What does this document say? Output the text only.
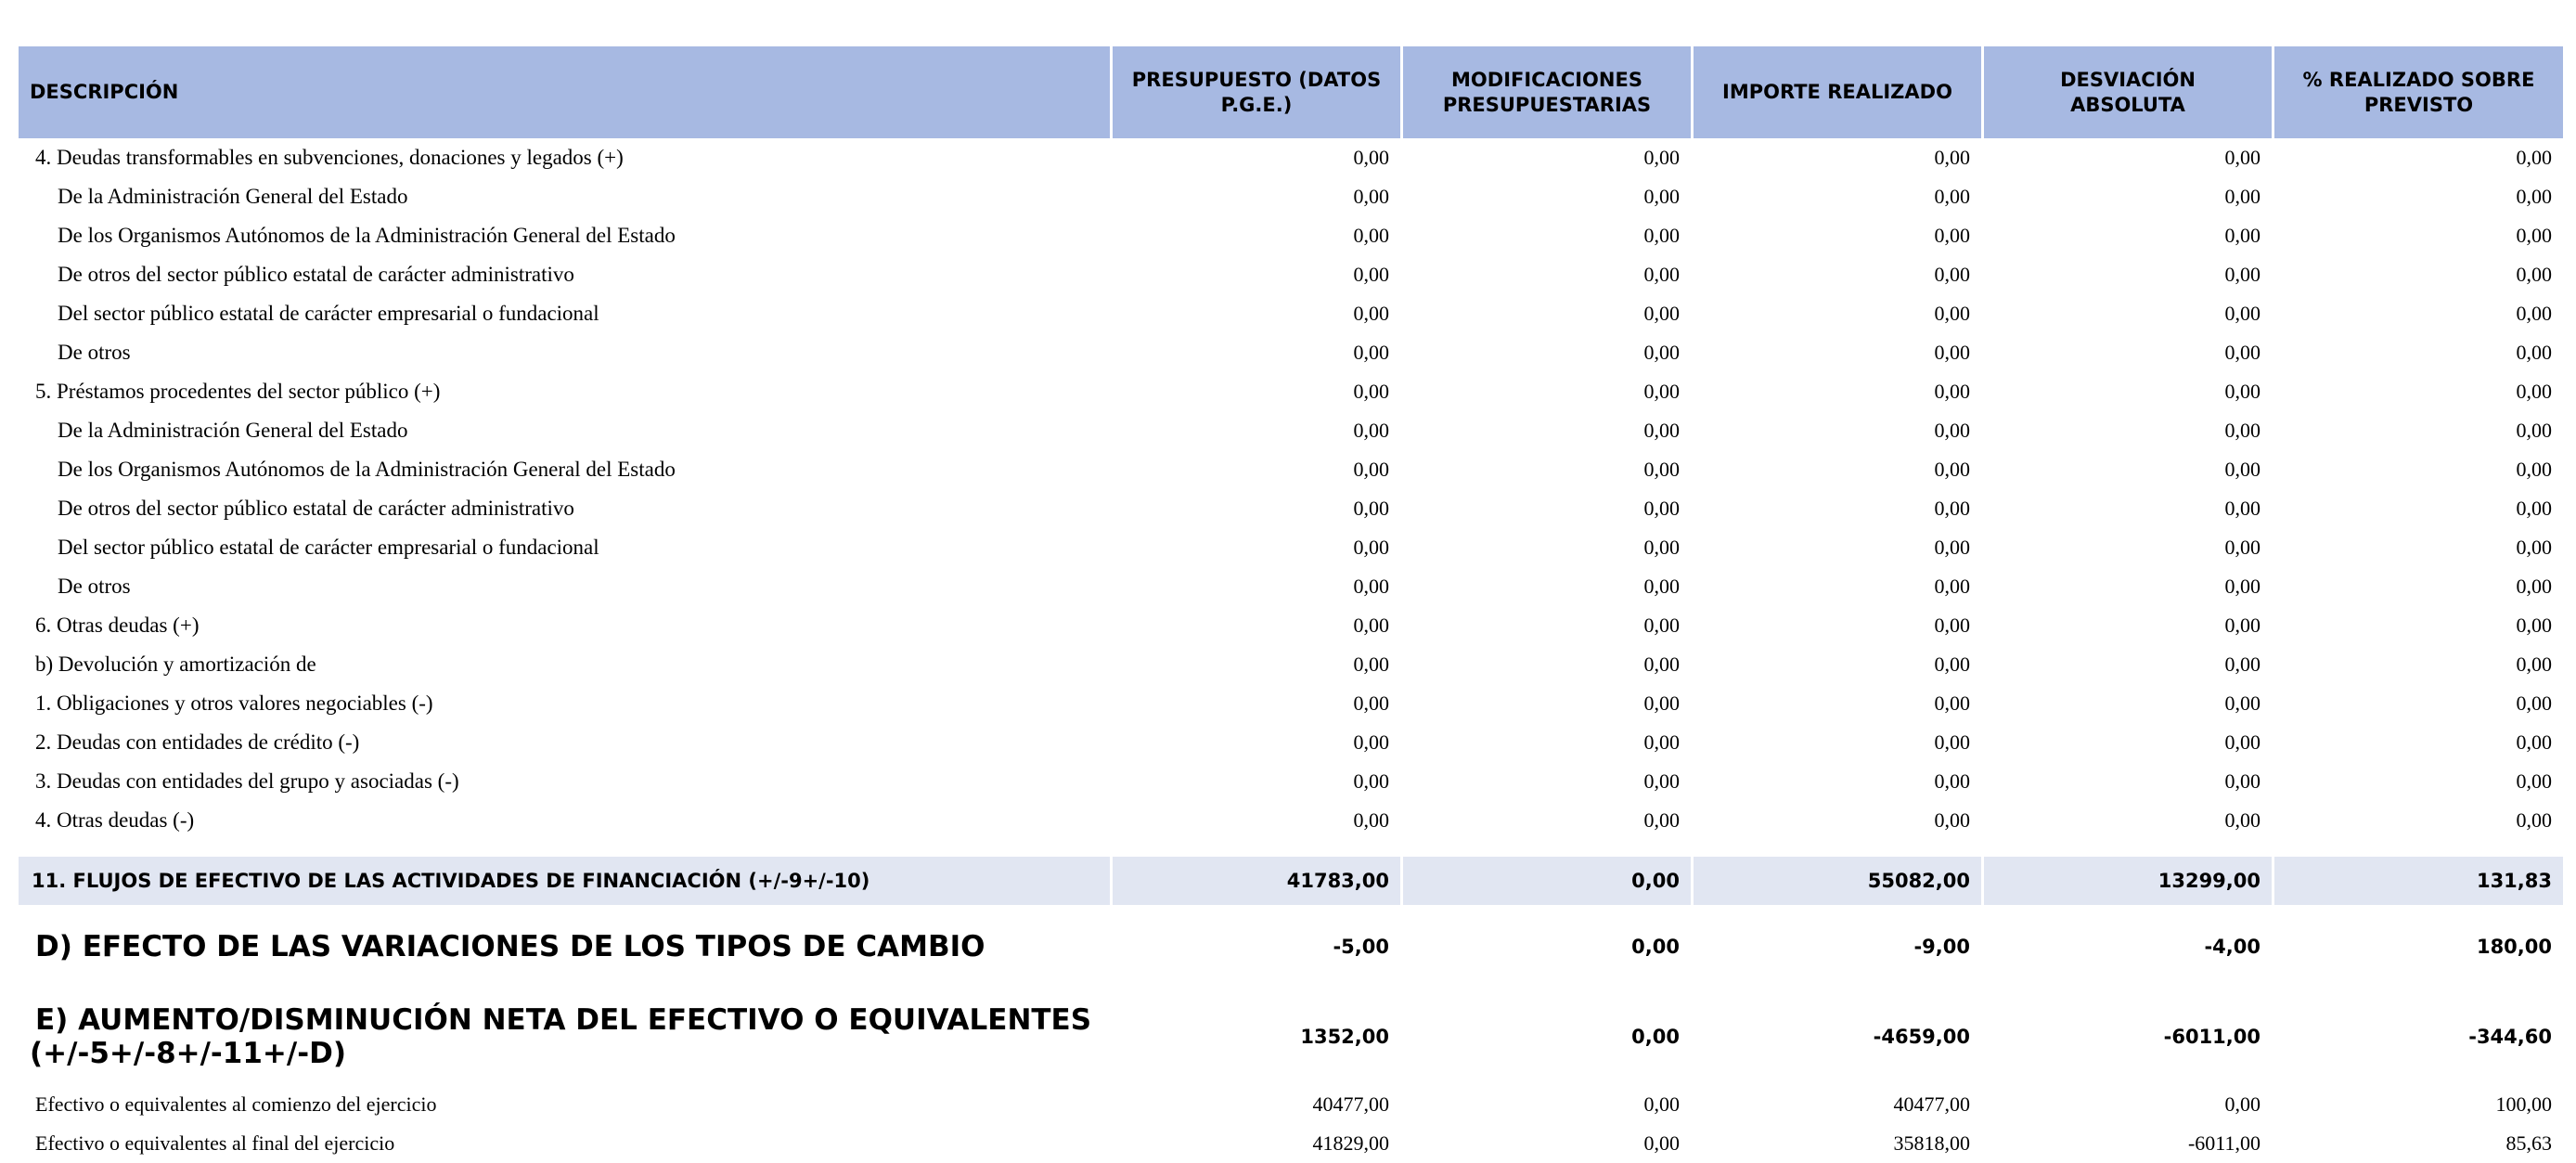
DESCRIPCIÓN	PRESUPUESTO (DATOS P.G.E.)	MODIFICACIONES PRESUPUESTARIAS	IMPORTE REALIZADO	DESVIACIÓN ABSOLUTA	% REALIZADO SOBRE PREVISTO
4. Deudas transformables en subvenciones, donaciones y legados (+)	0,00	0,00	0,00	0,00	0,00
De la Administración General del Estado	0,00	0,00	0,00	0,00	0,00
De los Organismos Autónomos de la Administración General del Estado	0,00	0,00	0,00	0,00	0,00
De otros del sector público estatal de carácter administrativo	0,00	0,00	0,00	0,00	0,00
Del sector público estatal de carácter empresarial o fundacional	0,00	0,00	0,00	0,00	0,00
De otros	0,00	0,00	0,00	0,00	0,00
5. Préstamos procedentes del sector público (+)	0,00	0,00	0,00	0,00	0,00
De la Administración General del Estado	0,00	0,00	0,00	0,00	0,00
De los Organismos Autónomos de la Administración General del Estado	0,00	0,00	0,00	0,00	0,00
De otros del sector público estatal de carácter administrativo	0,00	0,00	0,00	0,00	0,00
Del sector público estatal de carácter empresarial o fundacional	0,00	0,00	0,00	0,00	0,00
De otros	0,00	0,00	0,00	0,00	0,00
6. Otras deudas (+)	0,00	0,00	0,00	0,00	0,00
b) Devolución y amortización de	0,00	0,00	0,00	0,00	0,00
1. Obligaciones y otros valores negociables (-)	0,00	0,00	0,00	0,00	0,00
2. Deudas con entidades de crédito (-)	0,00	0,00	0,00	0,00	0,00
3. Deudas con entidades del grupo y asociadas (-)	0,00	0,00	0,00	0,00	0,00
4. Otras deudas (-)	0,00	0,00	0,00	0,00	0,00

11. FLUJOS DE EFECTIVO DE LAS ACTIVIDADES DE FINANCIACIÓN (+/-9+/-10)	41783,00	0,00	55082,00	13299,00	131,83
D) EFECTO DE LAS VARIACIONES DE LOS TIPOS DE CAMBIO	-5,00	0,00	-9,00	-4,00	180,00

E) AUMENTO/DISMINUCIÓN NETA DEL EFECTIVO O EQUIVALENTES
(+/-5+/-8+/-11+/-D)	1352,00	0,00	-4659,00	-6011,00	-344,60
Efectivo o equivalentes al comienzo del ejercicio	40477,00	0,00	40477,00	0,00	100,00
Efectivo o equivalentes al final del ejercicio	41829,00	0,00	35818,00	-6011,00	85,63
